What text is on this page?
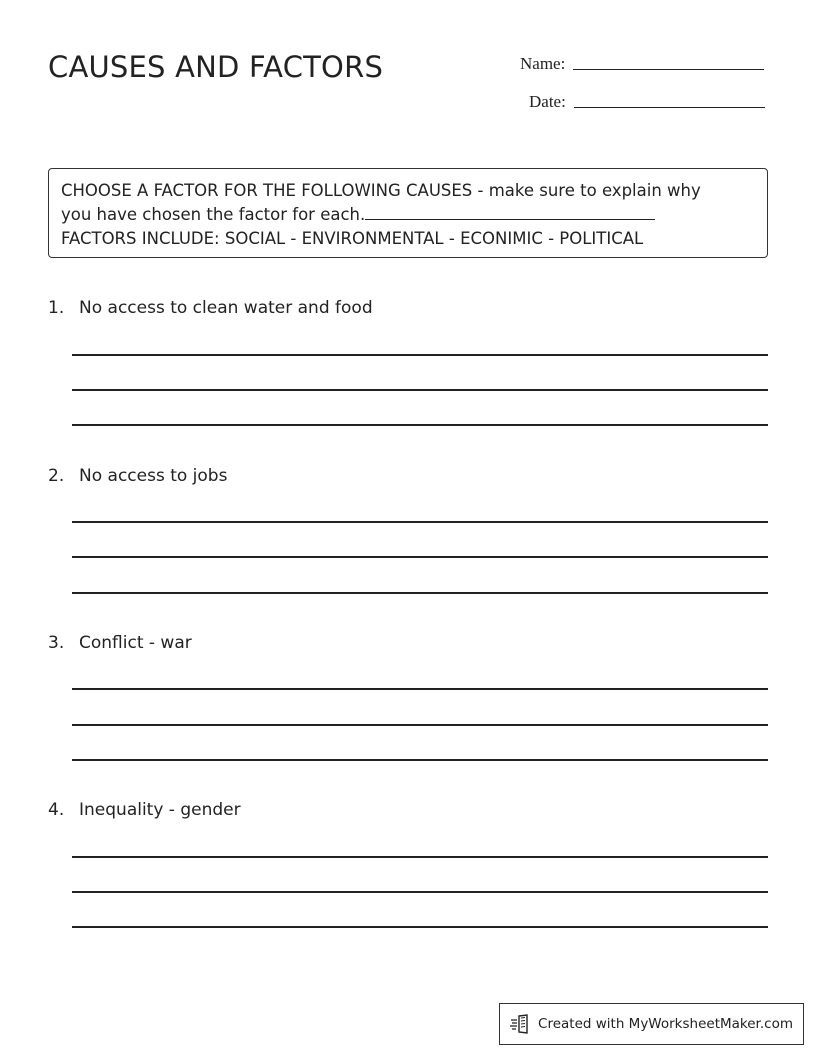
CAUSES AND FACTORS	Name:
Date:

CHOOSE A FACTOR FOR THE FOLLOWING CAUSES - make sure to explain why

you have chosen the factor for each.

FACTORS INCLUDE: SOCIAL - ENVIRONMENTAL - ECONIMIC - POLITICAL

1. No access to clean water and food
2. No access to jobs
3. Conflict - war
4. Inequality - gender
Created with MyWorksheetMaker.com
